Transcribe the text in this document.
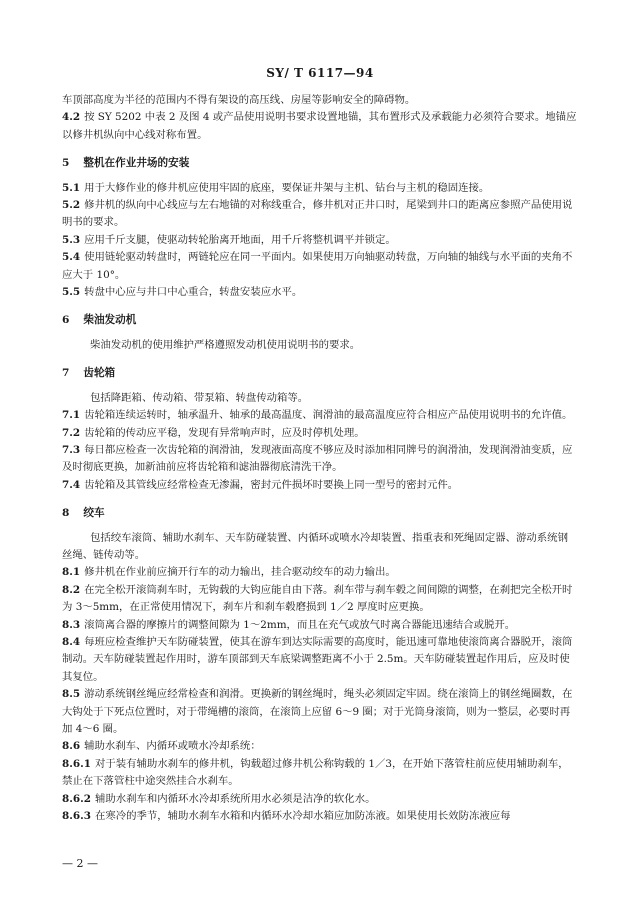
SY/ T 6117—94

车顶部高度为半径的范围内不得有架设的高压线、房屋等影响安全的障碍物。

4.2 按 SY 5202 中表 2 及图 4 或产品使用说明书要求设置地锚，其布置形式及承载能力必须符合要求。地锚应以修井机纵向中心线对称布置。

5 整机在作业井场的安装

5.1 用于大修作业的修井机应使用牢固的底座，要保证井架与主机、钻台与主机的稳固连接。

5.2 修井机的纵向中心线应与左右地锚的对称线重合，修井机对正井口时，尾梁到井口的距离应参照产品使用说明书的要求。

5.3 应用千斤支腿，使驱动转轮胎离开地面，用千斤将整机调平并锁定。

5.4 使用链轮驱动转盘时，两链轮应在同一平面内。如果使用万向轴驱动转盘，万向轴的轴线与水平面的夹角不应大于 10°。

5.5 转盘中心应与井口中心重合，转盘安装应水平。

6 柴油发动机

柴油发动机的使用维护严格遵照发动机使用说明书的要求。

7 齿轮箱

包括降距箱、传动箱、带泵箱、转盘传动箱等。

7.1 齿轮箱连续运转时，轴承温升、轴承的最高温度、润滑油的最高温度应符合相应产品使用说明书的允许值。

7.2 齿轮箱的传动应平稳，发现有异常响声时，应及时停机处理。

7.3 每日都应检查一次齿轮箱的润滑油，发现液面高度不够应及时添加相同牌号的润滑油，发现润滑油变质，应及时彻底更换，加新油前应将齿轮箱和滤油器彻底清洗干净。

7.4 齿轮箱及其管线应经常检查无渗漏，密封元件损坏时要换上同一型号的密封元件。

8 绞车

包括绞车滚筒、辅助水刹车、天车防碰装置、内循环或喷水冷却装置、指重表和死绳固定器、游动系统钢丝绳、链传动等。

8.1 修井机在作业前应摘开行车的动力输出，挂合驱动绞车的动力输出。

8.2 在完全松开滚筒刹车时，无钩载的大钩应能自由下落。刹车带与刹车毂之间间隙的调整，在刹把完全松开时为 3～5mm，在正常使用情况下，刹车片和刹车毂磨损到 1／2 厚度时应更换。

8.3 滚筒离合器的摩擦片的调整间隙为 1～2mm，而且在充气或放气时离合器能迅速结合或脱开。

8.4 每班应检查维护天车防碰装置，使其在游车到达实际需要的高度时，能迅速可靠地使滚筒离合器脱开，滚筒制动。天车防碰装置起作用时，游车顶部到天车底梁调整距离不小于 2.5m。天车防碰装置起作用后，应及时使其复位。

8.5 游动系统钢丝绳应经常检查和润滑。更换新的钢丝绳时，绳头必须固定牢固。绕在滚筒上的钢丝绳圈数，在大钩处于下死点位置时，对于带绳槽的滚筒，在滚筒上应留 6～9 圈；对于光筒身滚筒，则为一整层，必要时再加 4～6 圈。

8.6 辅助水刹车、内循环或喷水冷却系统：

8.6.1 对于装有辅助水刹车的修井机，钩载超过修井机公称钩载的 1／3，在开始下落管柱前应使用辅助刹车，禁止在下落管柱中途突然挂合水刹车。

8.6.2 辅助水刹车和内循环水冷却系统所用水必须是洁净的软化水。

8.6.3 在寒冷的季节，辅助水刹车水箱和内循环水冷却水箱应加防冻液。如果使用长效防冻液应每

— 2 —
